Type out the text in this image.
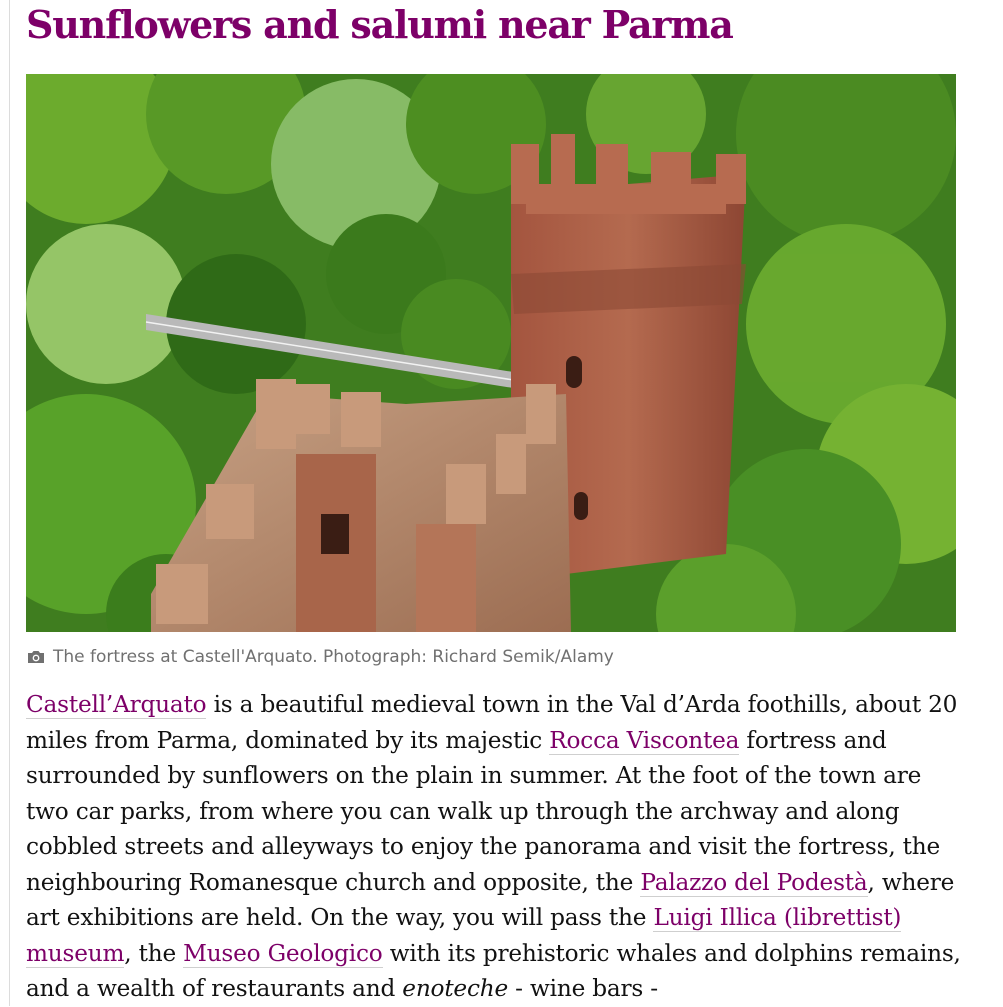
Sunflowers and salumi near Parma
The fortress at Castell'Arquato. Photograph: Richard Semik/Alamy

Castell’Arquato is a beautiful medieval town in the Val d’Arda foothills, about 20 miles from Parma, dominated by its majestic Rocca Viscontea fortress and surrounded by sunflowers on the plain in summer. At the foot of the town are two car parks, from where you can walk up through the archway and along cobbled streets and alleyways to enjoy the panorama and visit the fortress, the neighbouring Romanesque church and opposite, the Palazzo del Podestà, where art exhibitions are held. On the way, you will pass the Luigi Illica (librettist) museum, the Museo Geologico with its prehistoric whales and dolphins remains, and a wealth of restaurants and enoteche - wine bars -
